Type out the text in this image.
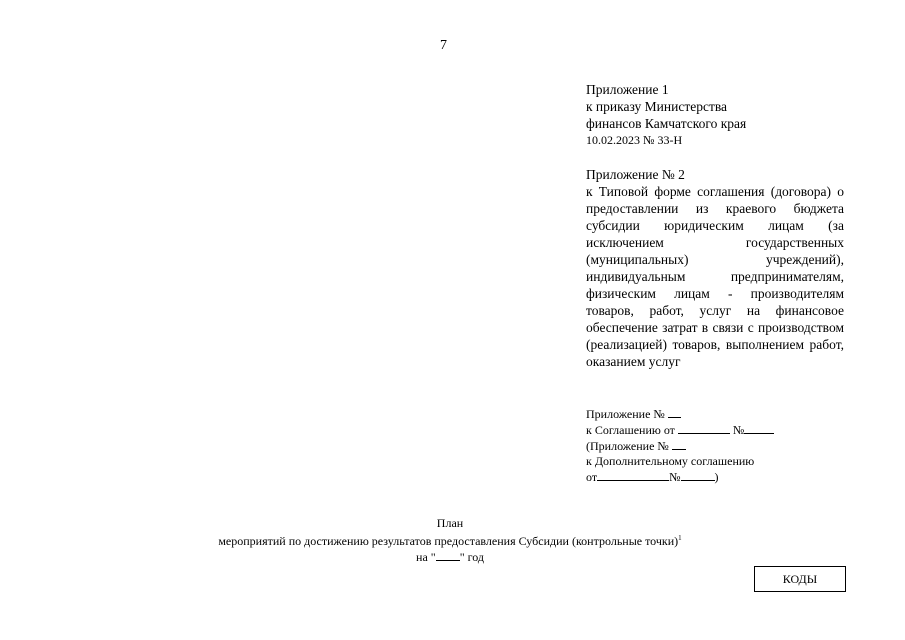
7
Приложение 1
к приказу Министерства
финансов Камчатского края
10.02.2023 № 33-Н
Приложение № 2
к Типовой форме соглашения (договора) о предоставлении из краевого бюджета субсидии юридическим лицам (за исключением государственных (муниципальных) учреждений), индивидуальным предпринимателям, физическим лицам - производителям товаров, работ, услуг на финансовое обеспечение затрат в связи с производством (реализацией) товаров, выполнением работ, оказанием услуг
Приложение №
к Соглашению от	№
(Приложение №
к Дополнительному соглашению
от	№	)
План
мероприятий по достижению результатов предоставления Субсидии (контрольные точки)$^1$
на " " год
КОДЫ
